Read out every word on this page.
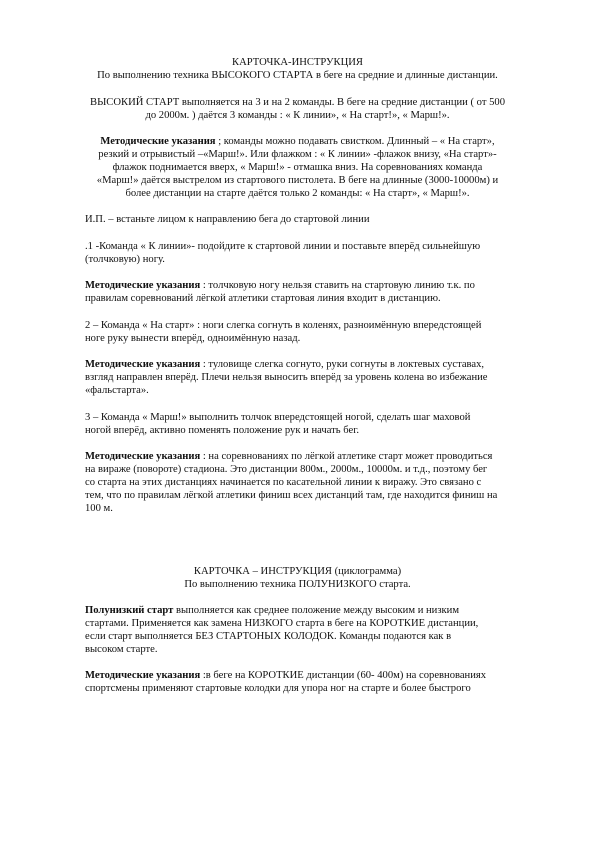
КАРТОЧКА-ИНСТРУКЦИЯ
По выполнению техника ВЫСОКОГО СТАРТА в беге на средние и длинные дистанции.
ВЫСОКИЙ СТАРТ выполняется на 3 и на 2 команды. В беге на средние дистанции ( от 500
до 2000м. ) даётся 3 команды : « К линии», « На старт!», « Марш!».
Методические указания ; команды можно подавать свистком. Длинный – « На старт»,
резкий и отрывистый –«Марш!». Или флажком : « К линии» -флажок внизу, «На старт»-
флажок поднимается вверх, « Марш!» - отмашка вниз. На соревнованиях команда
«Марш!» даётся выстрелом из стартового пистолета. В беге на длинные (3000-10000м) и
более дистанции на старте даётся только 2 команды: « На старт», « Марш!».
И.П. – встаньте лицом к направлению бега до стартовой линии
.1 -Команда « К линии»- подойдите к стартовой линии и поставьте вперёд сильнейшую
(толчковую) ногу.
Методические указания : толчковую ногу нельзя ставить на стартовую линию т.к. по
правилам соревнований лёгкой атлетики стартовая линия входит в дистанцию.
2 – Команда « На старт» : ноги слегка согнуть в коленях, разноимённую впередстоящей
ноге руку вынести вперёд, одноимённую назад.
Методические указания : туловище слегка согнуто, руки согнуты в локтевых суставах,
взгляд направлен вперёд. Плечи нельзя выносить вперёд за уровень колена во избежание
«фальстарта».
3 – Команда « Марш!» выполнить толчок впередстоящей ногой, сделать шаг маховой
ногой вперёд, активно поменять положение рук и начать бег.
Методические указания : на соревнованиях по лёгкой атлетике старт может проводиться
на вираже (повороте) стадиона. Это дистанции 800м., 2000м., 10000м. и т.д., поэтому бег
со старта на этих дистанциях начинается по касательной линии к виражу. Это связано с
тем, что по правилам лёгкой атлетики финиш всех дистанций там, где находится финиш на
100 м.
КАРТОЧКА – ИНСТРУКЦИЯ (циклограмма)
По выполнению техника ПОЛУНИЗКОГО старта.
Полунизкий старт выполняется как среднее положение между высоким и низким
стартами. Применяется как замена НИЗКОГО старта в беге на КОРОТКИЕ дистанции,
если старт выполняется БЕЗ СТАРТОНЫХ КОЛОДОК. Команды подаются как в
высоком старте.
Методические указания :в беге на КОРОТКИЕ дистанции (60- 400м) на соревнованиях
спортсмены применяют стартовые колодки для упора ног на старте и более быстрого
